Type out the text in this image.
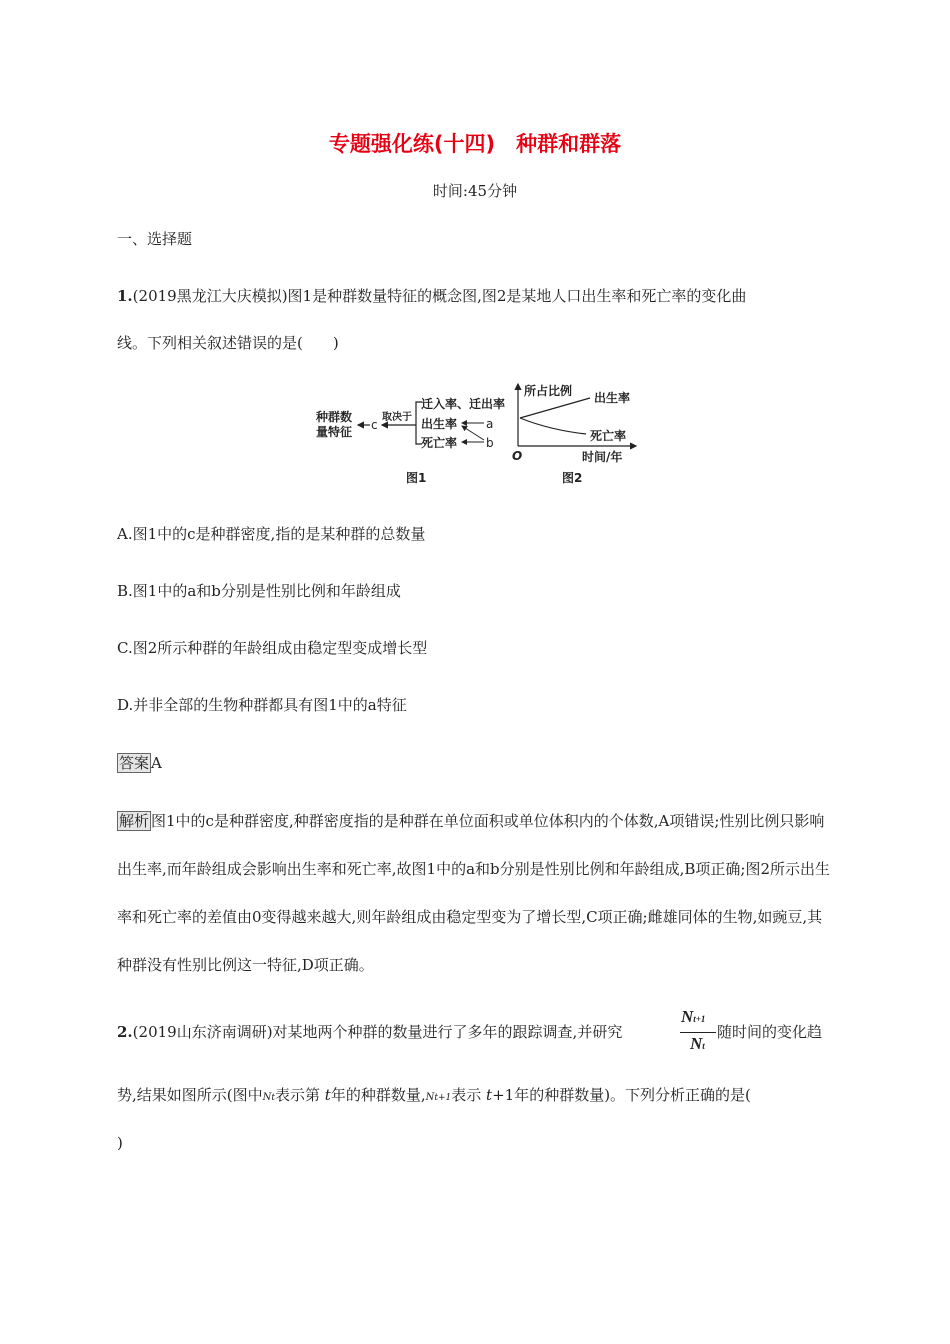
专题强化练(十四)　种群和群落
时间:45分钟
一、选择题
1.(2019黑龙江大庆模拟)图1是种群数量特征的概念图,图2是某地人口出生率和死亡率的变化曲
线。下列相关叙述错误的是(　　)
种群数
量特征 c
取决于
迁入率、迁出率
出生率
死亡率
a
b
图1
所占比例
O	时间/年
出生率
死亡率
图2
A.图1中的c是种群密度,指的是某种群的总数量
B.图1中的a和b分别是性别比例和年龄组成
C.图2所示种群的年龄组成由稳定型变成增长型
D.并非全部的生物种群都具有图1中的a特征
答案 A
解析 图1中的c是种群密度,种群密度指的是种群在单位面积或单位体积内的个体数,A项错误;性别比例只影响出生率,而年龄组成会影响出生率和死亡率,故图1中的a和b分别是性别比例和年龄组成,B项正确;图2所示出生率和死亡率的差值由0变得越来越大,则年龄组成由稳定型变为了增长型,C项正确;雌雄同体的生物,如豌豆,其种群没有性别比例这一特征,D项正确。
2.(2019山东济南调研)对某地两个种群的数量进行了多年的跟踪调查,并研究
Nt+1
Nt
随时间的变化趋
势,结果如图所示(图中Nt表示第 t年的种群数量,Nt+1表示 t+1年的种群数量)。下列分析正确的是(
)
